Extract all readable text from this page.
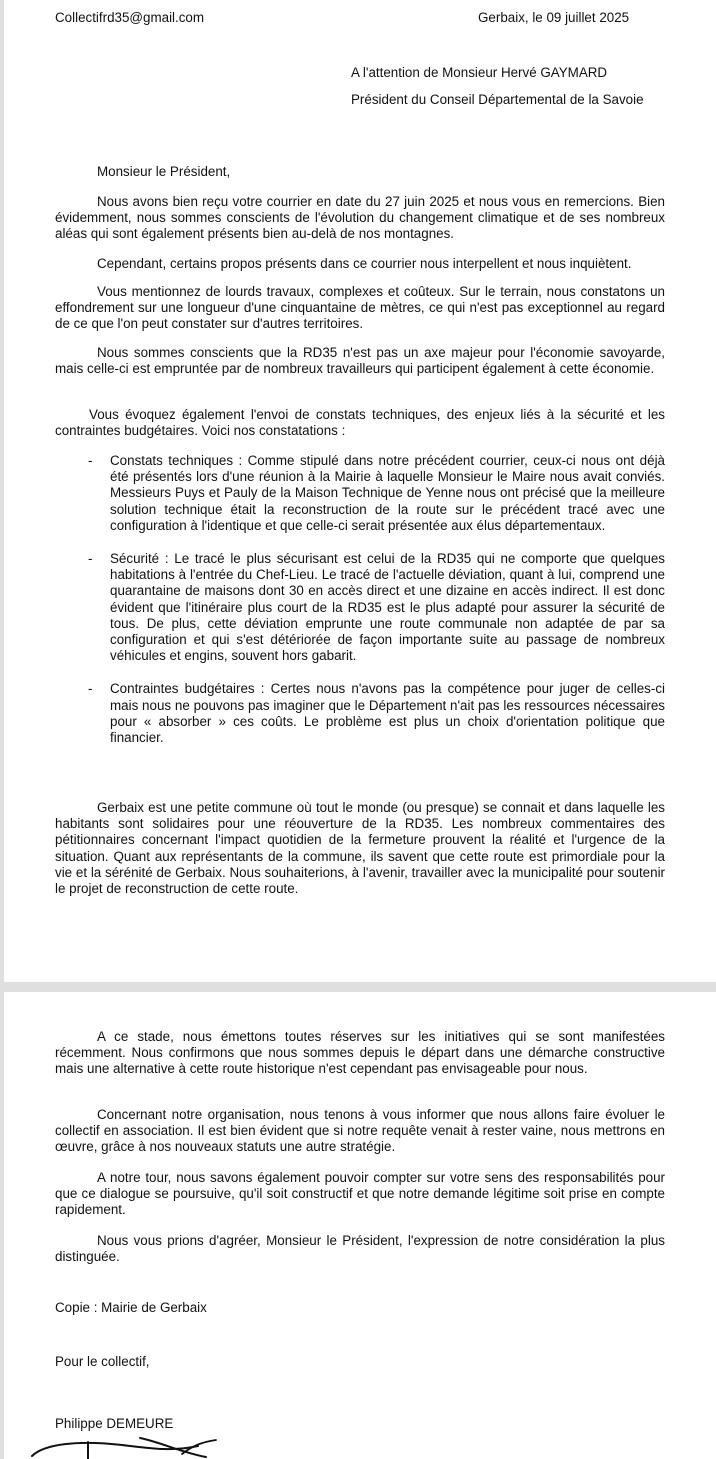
Collectifrd35@gmail.com	Gerbaix, le 09 juillet 2025

A l'attention de Monsieur Hervé GAYMARD

Président du Conseil Départemental de la Savoie

Monsieur le Président,

Nous avons bien reçu votre courrier en date du 27 juin 2025 et nous vous en remercions. Bien évidemment, nous sommes conscients de l'évolution du changement climatique et de ses nombreux aléas qui sont également présents bien au-delà de nos montagnes.

Cependant, certains propos présents dans ce courrier nous interpellent et nous inquiètent.

Vous mentionnez de lourds travaux, complexes et coûteux. Sur le terrain, nous constatons un effondrement sur une longueur d'une cinquantaine de mètres, ce qui n'est pas exceptionnel au regard de ce que l'on peut constater sur d'autres territoires.

Nous sommes conscients que la RD35 n'est pas un axe majeur pour l'économie savoyarde, mais celle-ci est empruntée par de nombreux travailleurs qui participent également à cette économie.

Vous évoquez également l'envoi de constats techniques, des enjeux liés à la sécurité et les contraintes budgétaires. Voici nos constatations :

- Constats techniques : Comme stipulé dans notre précédent courrier, ceux-ci nous ont déjà été présentés lors d'une réunion à la Mairie à laquelle Monsieur le Maire nous avait conviés. Messieurs Puys et Pauly de la Maison Technique de Yenne nous ont précisé que la meilleure solution technique était la reconstruction de la route sur le précédent tracé avec une configuration à l'identique et que celle-ci serait présentée aux élus départementaux.
- Sécurité : Le tracé le plus sécurisant est celui de la RD35 qui ne comporte que quelques habitations à l'entrée du Chef-Lieu. Le tracé de l'actuelle déviation, quant à lui, comprend une quarantaine de maisons dont 30 en accès direct et une dizaine en accès indirect. Il est donc évident que l'itinéraire plus court de la RD35 est le plus adapté pour assurer la sécurité de tous. De plus, cette déviation emprunte une route communale non adaptée de par sa configuration et qui s'est détériorée de façon importante suite au passage de nombreux véhicules et engins, souvent hors gabarit.
- Contraintes budgétaires : Certes nous n'avons pas la compétence pour juger de celles-ci mais nous ne pouvons pas imaginer que le Département n'ait pas les ressources nécessaires pour « absorber » ces coûts. Le problème est plus un choix d'orientation politique que financier.

Gerbaix est une petite commune où tout le monde (ou presque) se connait et dans laquelle les habitants sont solidaires pour une réouverture de la RD35. Les nombreux commentaires des pétitionnaires concernant l'impact quotidien de la fermeture prouvent la réalité et l'urgence de la situation. Quant aux représentants de la commune, ils savent que cette route est primordiale pour la vie et la sérénité de Gerbaix. Nous souhaiterions, à l'avenir, travailler avec la municipalité pour soutenir le projet de reconstruction de cette route.

A ce stade, nous émettons toutes réserves sur les initiatives qui se sont manifestées récemment. Nous confirmons que nous sommes depuis le départ dans une démarche constructive mais une alternative à cette route historique n'est cependant pas envisageable pour nous.

Concernant notre organisation, nous tenons à vous informer que nous allons faire évoluer le collectif en association. Il est bien évident que si notre requête venait à rester vaine, nous mettrons en œuvre, grâce à nos nouveaux statuts une autre stratégie.

A notre tour, nous savons également pouvoir compter sur votre sens des responsabilités pour que ce dialogue se poursuive, qu'il soit constructif et que notre demande légitime soit prise en compte rapidement.

Nous vous prions d'agréer, Monsieur le Président, l'expression de notre considération la plus distinguée.

Copie : Mairie de Gerbaix

Pour le collectif,

Philippe DEMEURE
